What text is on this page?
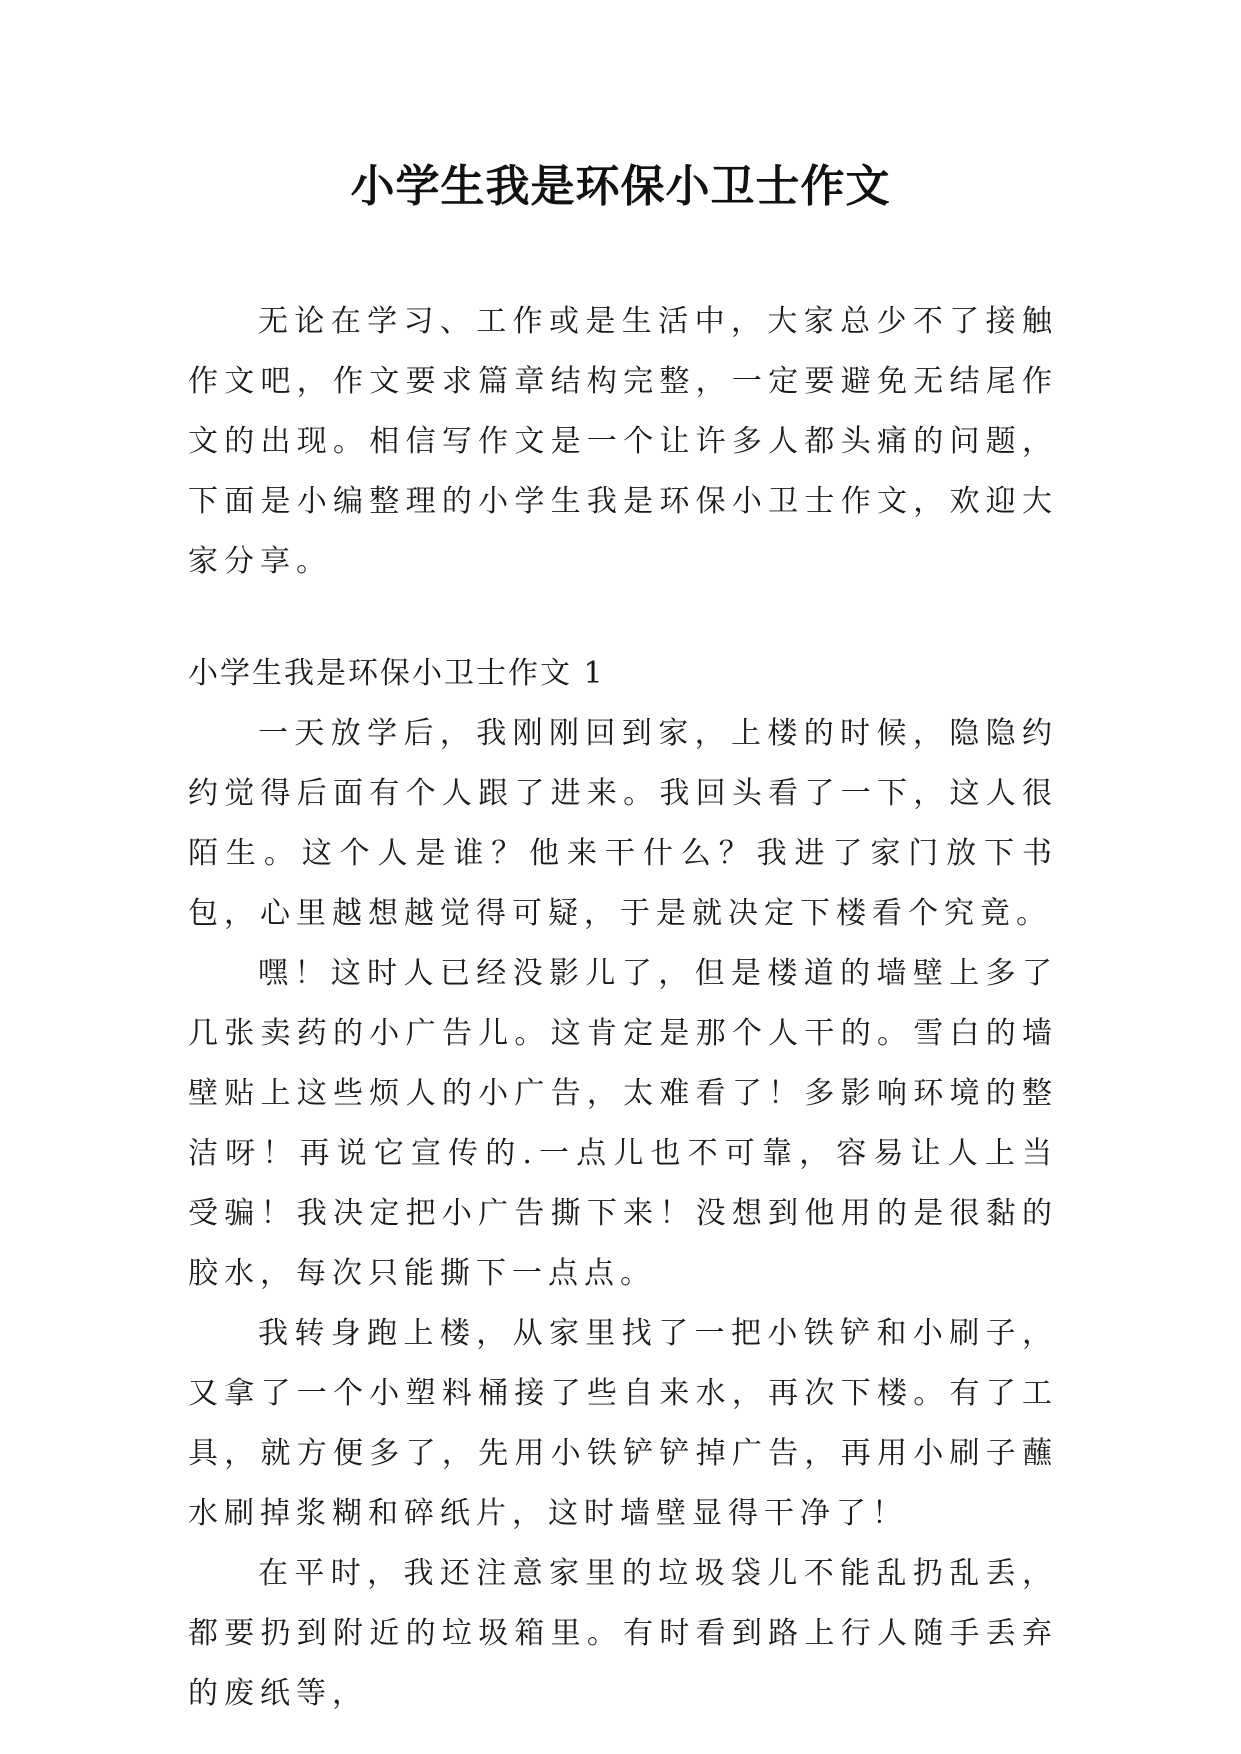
小学生我是环保小卫士作文

无论在学习、工作或是生活中，大家总少不了接触作文吧，作文要求篇章结构完整，一定要避免无结尾作文的出现。相信写作文是一个让许多人都头痛的问题，下面是小编整理的小学生我是环保小卫士作文，欢迎大家分享。

小学生我是环保小卫士作文 1

一天放学后，我刚刚回到家，上楼的时候，隐隐约约觉得后面有个人跟了进来。我回头看了一下，这人很陌生。这个人是谁？他来干什么？我进了家门放下书包，心里越想越觉得可疑，于是就决定下楼看个究竟。

嘿！这时人已经没影儿了，但是楼道的墙壁上多了几张卖药的小广告儿。这肯定是那个人干的。雪白的墙壁贴上这些烦人的小广告，太难看了！多影响环境的整洁呀！再说它宣传的.一点儿也不可靠，容易让人上当受骗！我决定把小广告撕下来！没想到他用的是很黏的胶水，每次只能撕下一点点。

我转身跑上楼，从家里找了一把小铁铲和小刷子，又拿了一个小塑料桶接了些自来水，再次下楼。有了工具，就方便多了，先用小铁铲铲掉广告，再用小刷子蘸水刷掉浆糊和碎纸片，这时墙壁显得干净了！

在平时，我还注意家里的垃圾袋儿不能乱扔乱丢，都要扔到附近的垃圾箱里。有时看到路上行人随手丢弃的废纸等，
